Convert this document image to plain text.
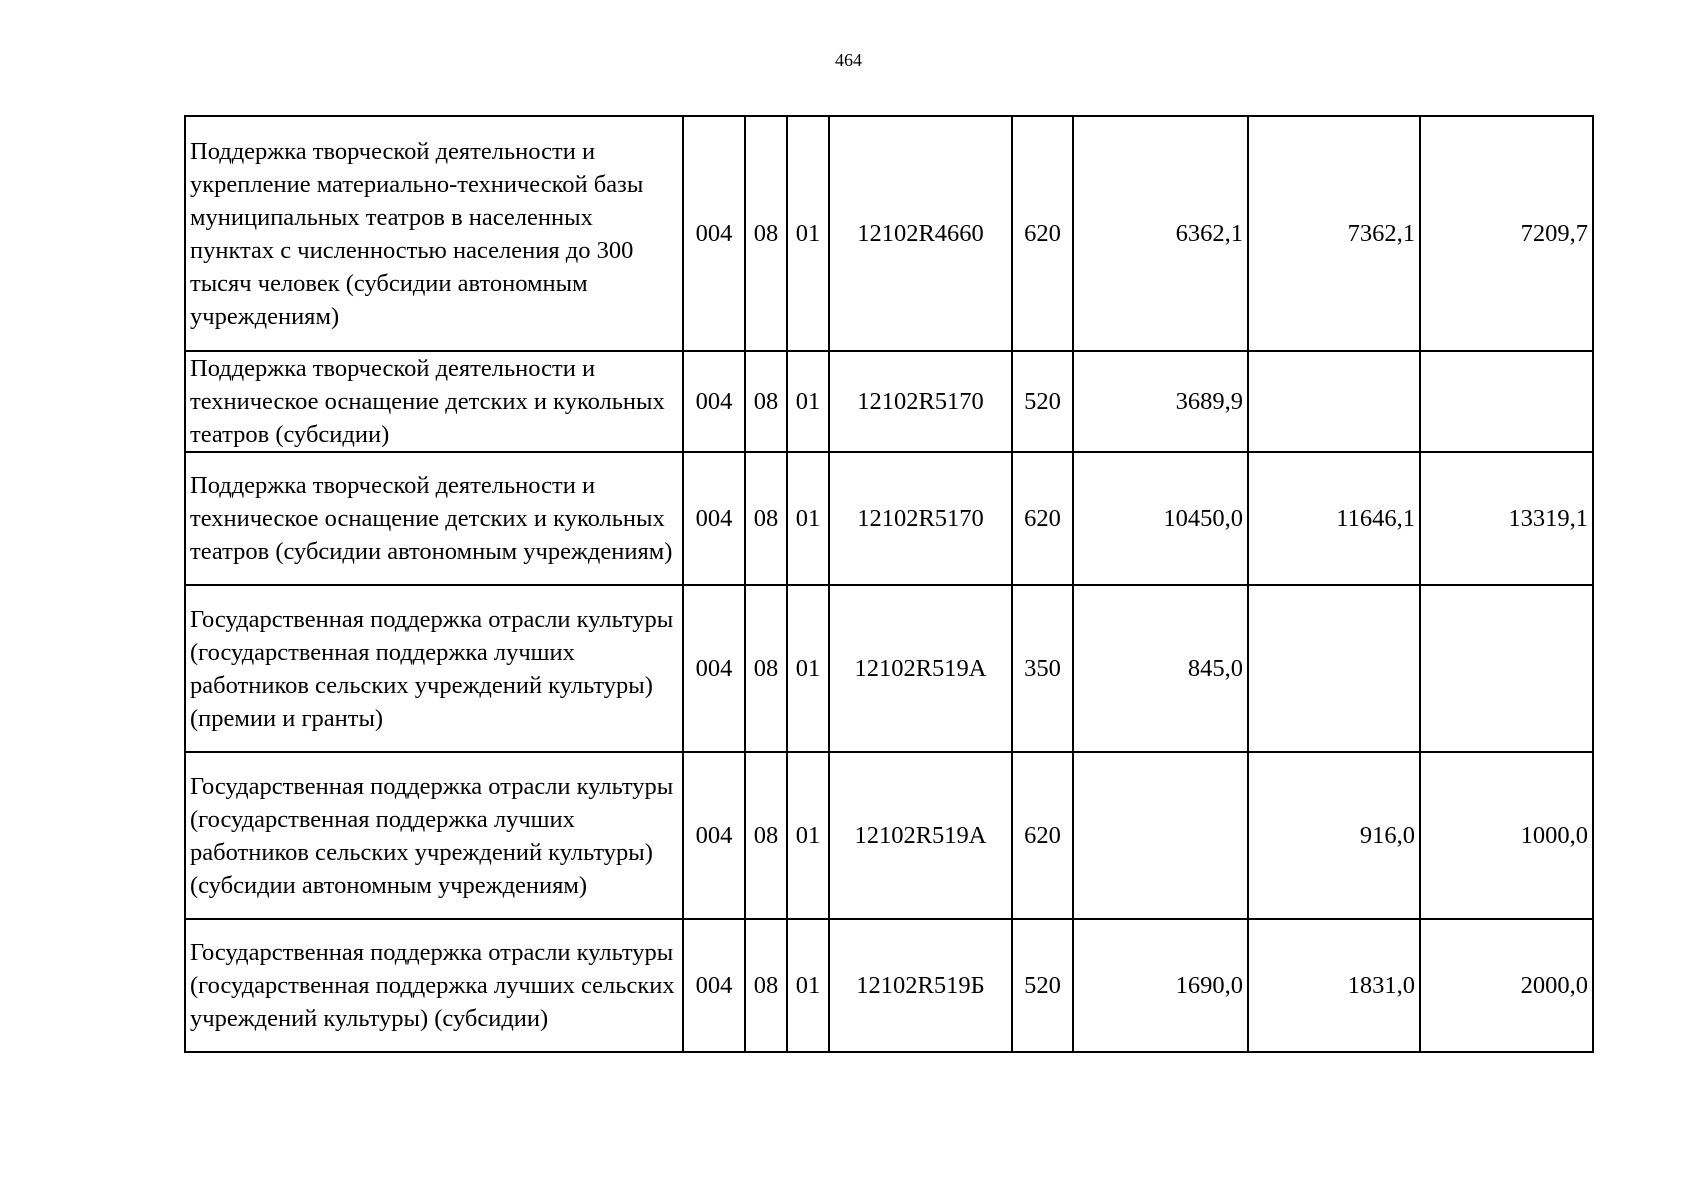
464
Поддержка творческой деятельности и укрепление материально-технической базы муниципальных театров в населенных пунктах с численностью населения до 300 тысяч человек (субсидии автономным учреждениям)	004	08	01	12102R4660	620	6362,1	7362,1	7209,7
Поддержка творческой деятельности и техническое оснащение детских и кукольных театров (субсидии)	004	08	01	12102R5170	520	3689,9		
Поддержка творческой деятельности и техническое оснащение детских и кукольных театров (субсидии автономным учреждениям)	004	08	01	12102R5170	620	10450,0	11646,1	13319,1
Государственная поддержка отрасли культуры (государственная поддержка лучших работников сельских учреждений культуры) (премии и гранты)	004	08	01	12102R519А	350	845,0		
Государственная поддержка отрасли культуры (государственная поддержка лучших работников сельских учреждений культуры) (субсидии автономным учреждениям)	004	08	01	12102R519А	620		916,0	1000,0
Государственная поддержка отрасли культуры (государственная поддержка лучших сельских учреждений культуры) (субсидии)	004	08	01	12102R519Б	520	1690,0	1831,0	2000,0
